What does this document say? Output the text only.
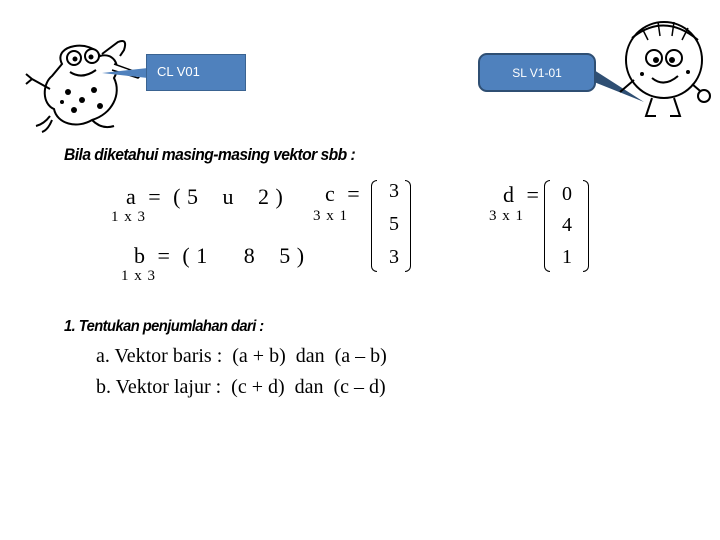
CL V01	SL V1-01
Bila diketahui masing-masing vektor sbb :
a  =  ( 5    u    2 )
1 x 3
b  =  ( 1      8    5 )
1 x 3
c  =
3 x 1
3
5
3
d  =
3 x 1
0
4
1
1. Tentukan penjumlahan dari :
a. Vektor baris :  (a + b)  dan  (a – b)
b. Vektor lajur :  (c + d)  dan  (c – d)
